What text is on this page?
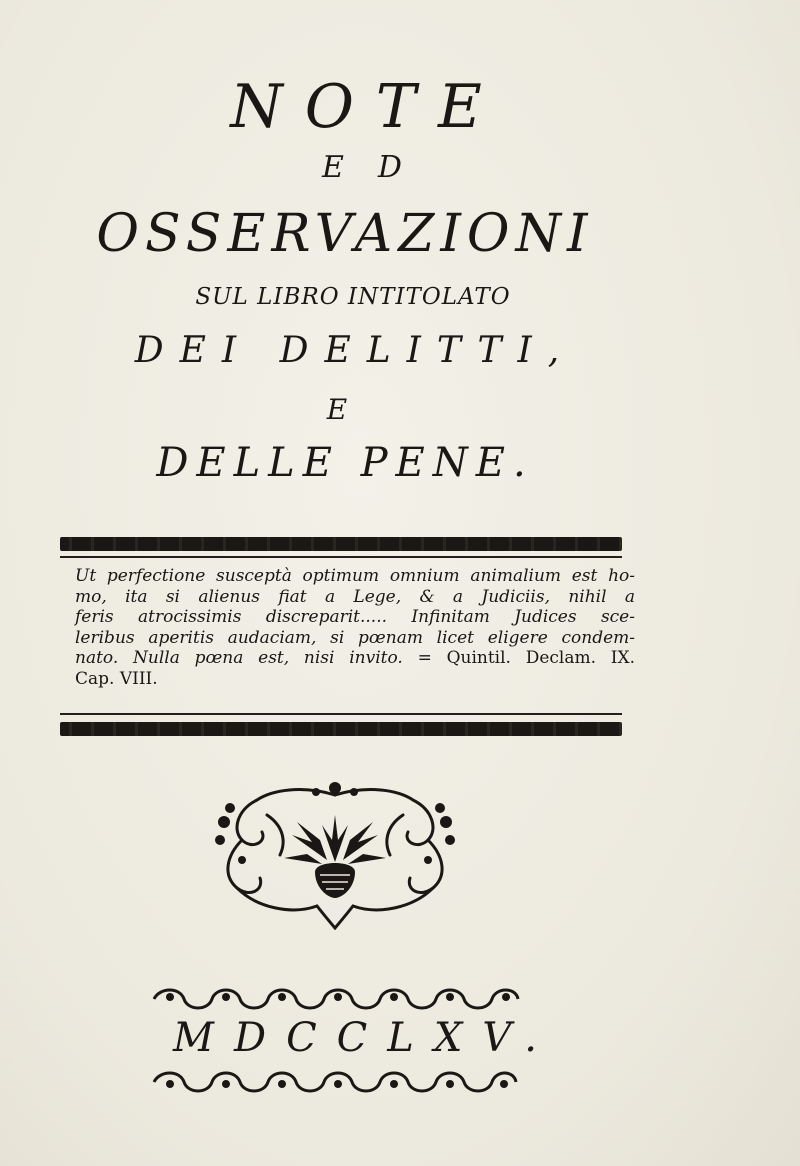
NOTE
ED
OSSERVAZIONI
SUL LIBRO INTITOLATO
DEI DELITTI,
E
DELLE PENE.
Ut perfectione susceptà optimum omnium animalium est ho-
mo, ita si alienus fiat a Lege, & a Judiciis, nihil a
feris atrocissimis discreparit..... Infinitam Judices sce-
leribus aperitis audaciam, si pœnam licet eligere condem-
nato. Nulla pœna est, nisi invito. = Quintil. Declam. IX.
Cap. VIII.
MDCCLXV.
